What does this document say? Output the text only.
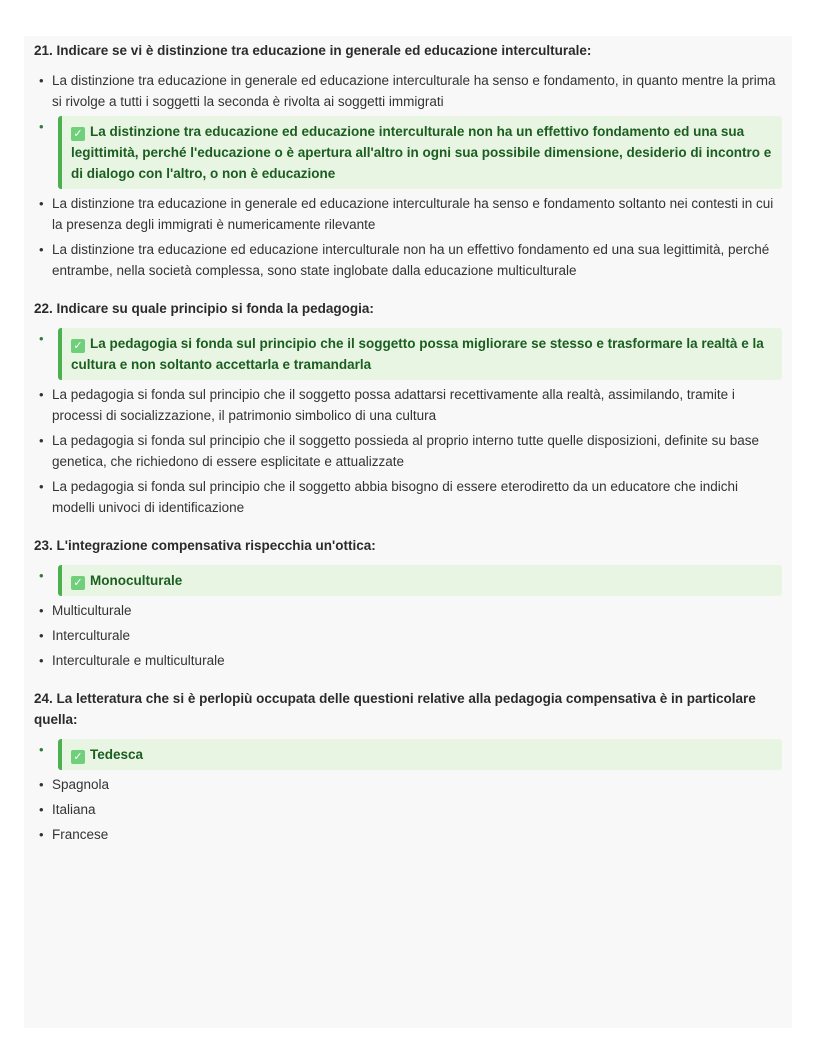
21. Indicare se vi è distinzione tra educazione in generale ed educazione interculturale:
• La distinzione tra educazione in generale ed educazione interculturale ha senso e fondamento, in quanto mentre la prima si rivolge a tutti i soggetti la seconda è rivolta ai soggetti immigrati
•	✓ La distinzione tra educazione ed educazione interculturale non ha un effettivo fondamento ed una sua legittimità, perché l'educazione o è apertura all'altro in ogni sua possibile dimensione, desiderio di incontro e di dialogo con l'altro, o non è educazione
• La distinzione tra educazione in generale ed educazione interculturale ha senso e fondamento soltanto nei contesti in cui la presenza degli immigrati è numericamente rilevante
• La distinzione tra educazione ed educazione interculturale non ha un effettivo fondamento ed una sua legittimità, perché entrambe, nella società complessa, sono state inglobate dalla educazione multiculturale
22. Indicare su quale principio si fonda la pedagogia:
•	✓ La pedagogia si fonda sul principio che il soggetto possa migliorare se stesso e trasformare la realtà e la cultura e non soltanto accettarla e tramandarla
• La pedagogia si fonda sul principio che il soggetto possa adattarsi recettivamente alla realtà, assimilando, tramite i processi di socializzazione, il patrimonio simbolico di una cultura
• La pedagogia si fonda sul principio che il soggetto possieda al proprio interno tutte quelle disposizioni, definite su base genetica, che richiedono di essere esplicitate e attualizzate
• La pedagogia si fonda sul principio che il soggetto abbia bisogno di essere eterodiretto da un educatore che indichi modelli univoci di identificazione
23. L'integrazione compensativa rispecchia un'ottica:
•	✓ Monoculturale
• Multiculturale
• Interculturale
• Interculturale e multiculturale
24. La letteratura che si è perlopiù occupata delle questioni relative alla pedagogia compensativa è in particolare quella:
•	✓ Tedesca
• Spagnola
• Italiana
• Francese
